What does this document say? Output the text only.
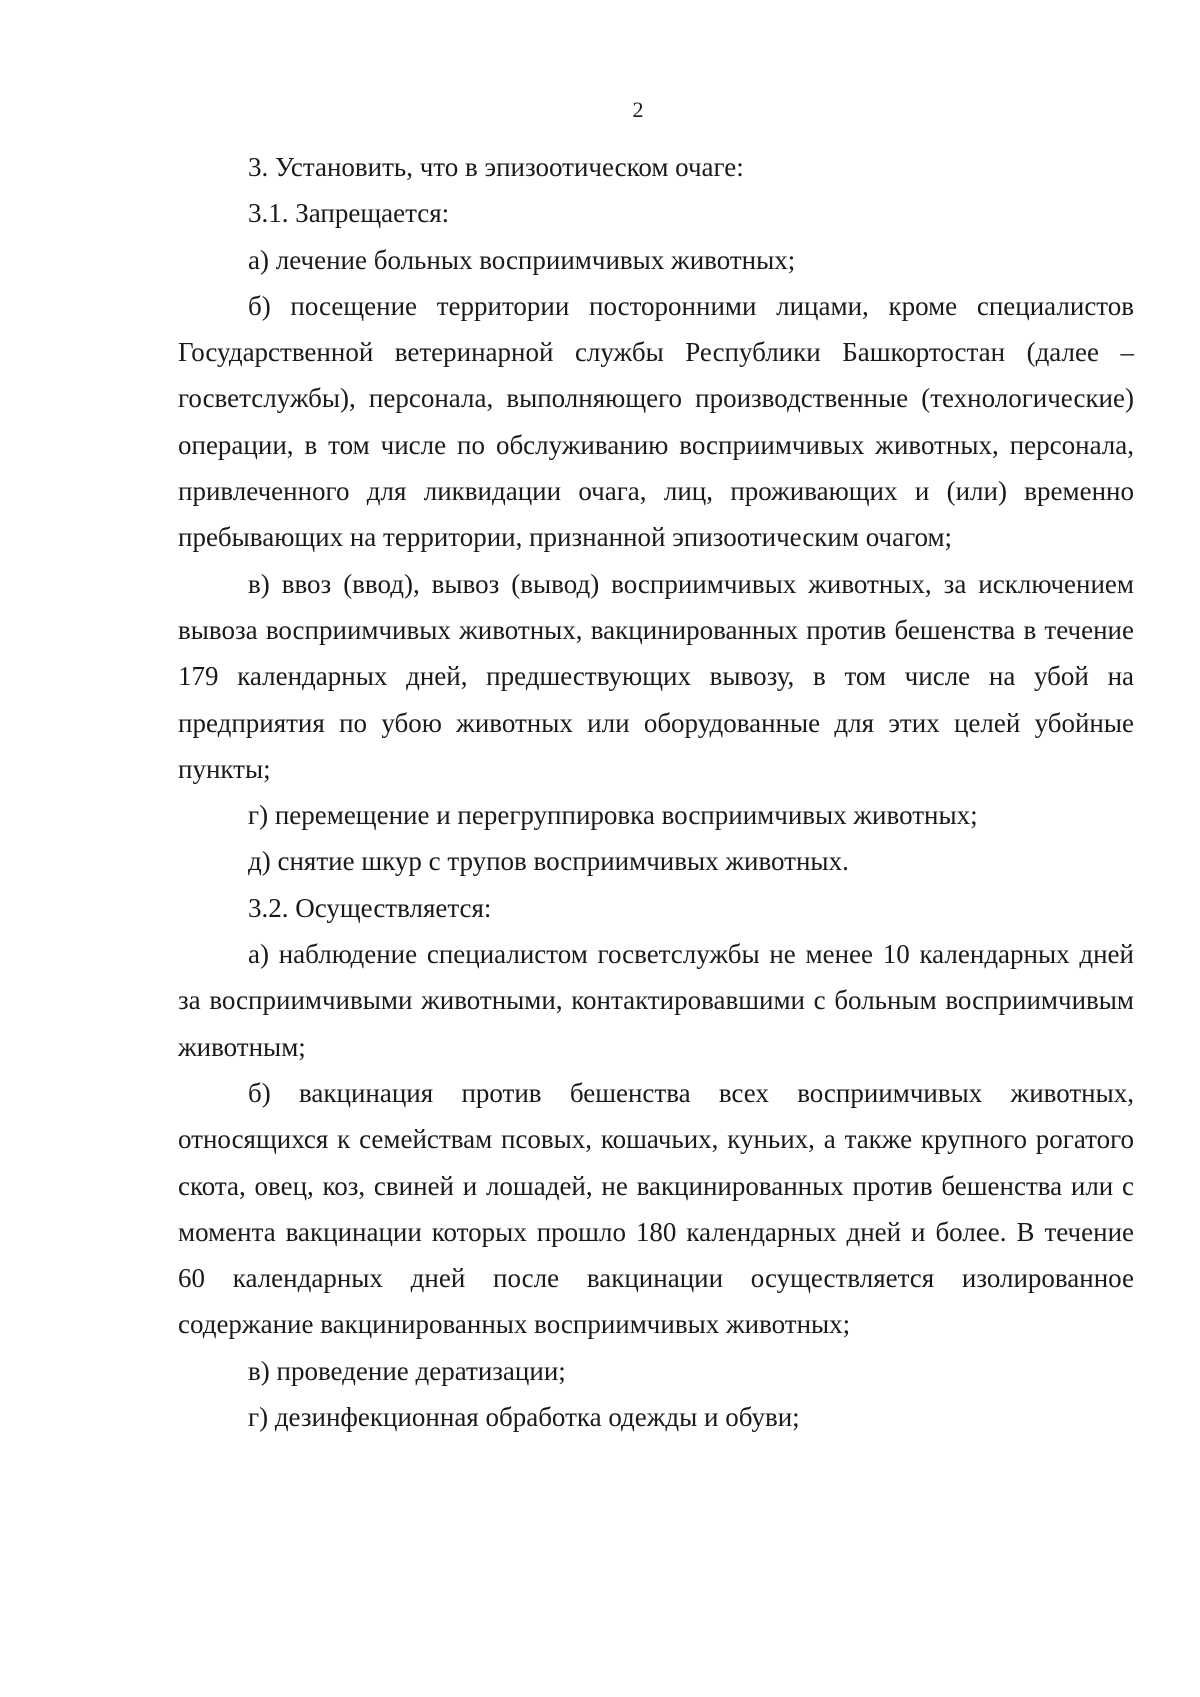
2

3. Установить, что в эпизоотическом очаге:

3.1. Запрещается:

а) лечение больных восприимчивых животных;

б) посещение территории посторонними лицами, кроме специалистов Государственной ветеринарной службы Республики Башкортостан (далее – госветслужбы), персонала, выполняющего производственные (технологические) операции, в том числе по обслуживанию восприимчивых животных, персонала, привлеченного для ликвидации очага, лиц, проживающих и (или) временно пребывающих на территории, признанной эпизоотическим очагом;

в) ввоз (ввод), вывоз (вывод) восприимчивых животных, за исключением вывоза восприимчивых животных, вакцинированных против бешенства в течение 179 календарных дней, предшествующих вывозу, в том числе на убой на предприятия по убою животных или оборудованные для этих целей убойные пункты;

г) перемещение и перегруппировка восприимчивых животных;

д) снятие шкур с трупов восприимчивых животных.

3.2. Осуществляется:

а) наблюдение специалистом госветслужбы не менее 10 календарных дней за восприимчивыми животными, контактировавшими с больным восприимчивым животным;

б) вакцинация против бешенства всех восприимчивых животных, относящихся к семействам псовых, кошачьих, куньих, а также крупного рогатого скота, овец, коз, свиней и лошадей, не вакцинированных против бешенства или с момента вакцинации которых прошло 180 календарных дней и более. В течение 60 календарных дней после вакцинации осуществляется изолированное содержание вакцинированных восприимчивых животных;

в) проведение дератизации;

г) дезинфекционная обработка одежды и обуви;
